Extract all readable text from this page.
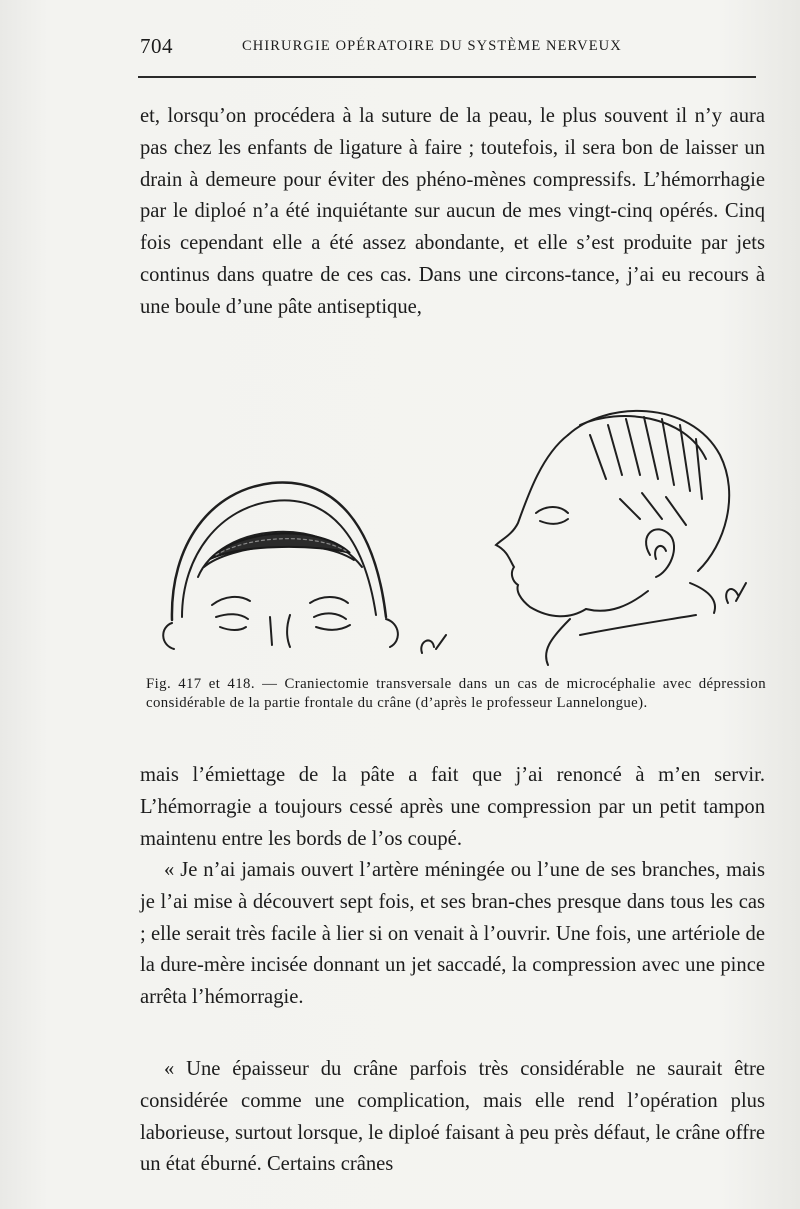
704	CHIRURGIE OPÉRATOIRE DU SYSTÈME NERVEUX

et, lorsqu’on procédera à la suture de la peau, le plus souvent il n’y aura pas chez les enfants de ligature à faire ; toutefois, il sera bon de laisser un drain à demeure pour éviter des phéno-mènes compressifs. L’hémorrhagie par le diploé n’a été inquiétante sur aucun de mes vingt-cinq opérés. Cinq fois cependant elle a été assez abondante, et elle s’est produite par jets continus dans quatre de ces cas. Dans une circons-tance, j’ai eu recours à une boule d’une pâte antiseptique,

Fig. 417 et 418. — Craniectomie transversale dans un cas de microcéphalie avec dépression considérable de la partie frontale du crâne (d’après le professeur Lannelongue).

mais l’émiettage de la pâte a fait que j’ai renoncé à m’en servir. L’hémorragie a toujours cessé après une compression par un petit tampon maintenu entre les bords de l’os coupé.

« Je n’ai jamais ouvert l’artère méningée ou l’une de ses branches, mais je l’ai mise à découvert sept fois, et ses bran-ches presque dans tous les cas ; elle serait très facile à lier si on venait à l’ouvrir. Une fois, une artériole de la dure-mère incisée donnant un jet saccadé, la compression avec une pince arrêta l’hémorragie.

« Une épaisseur du crâne parfois très considérable ne saurait être considérée comme une complication, mais elle rend l’opération plus laborieuse, surtout lorsque, le diploé faisant à peu près défaut, le crâne offre un état éburné. Certains crânes
